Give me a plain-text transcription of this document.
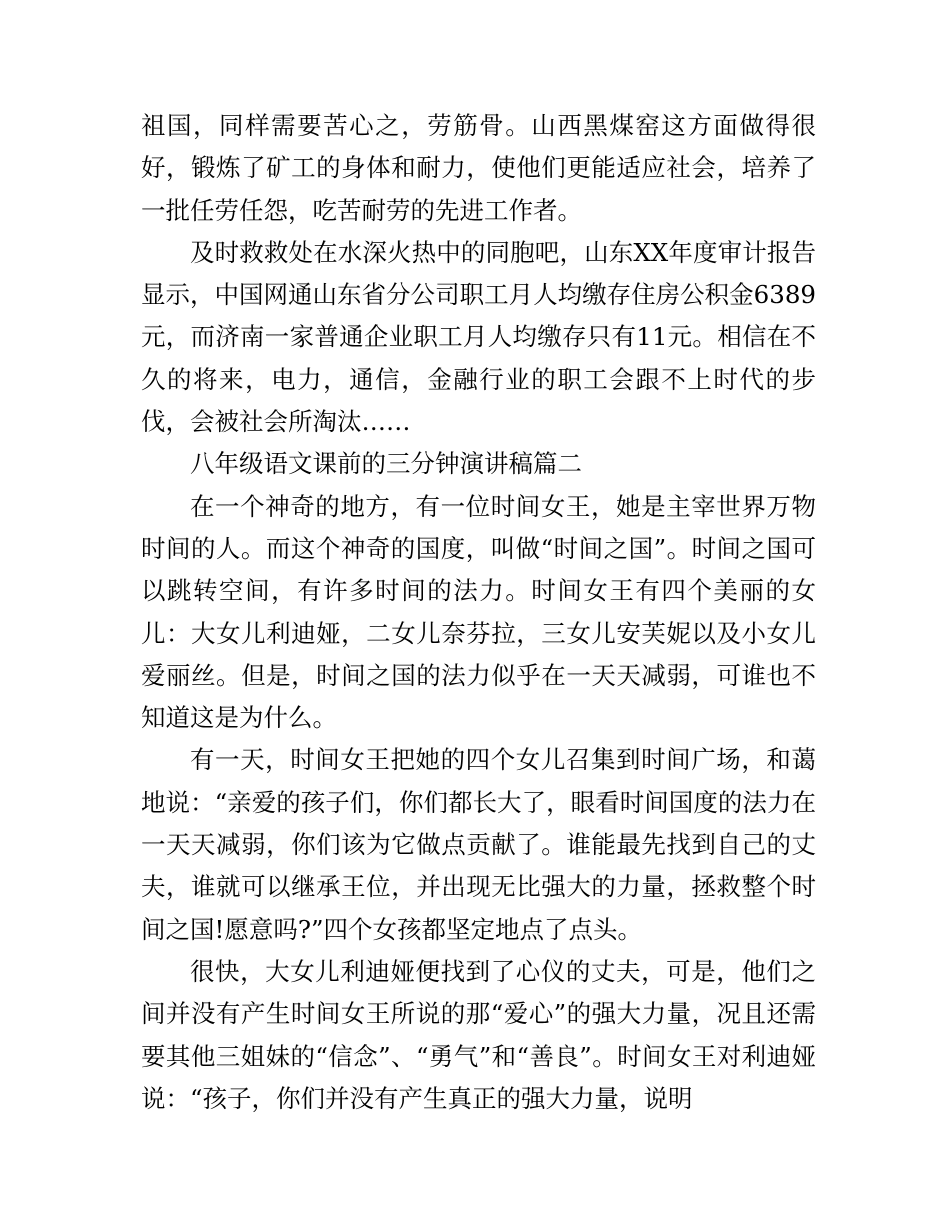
祖国，同样需要苦心之，劳筋骨。山西黑煤窑这方面做得很好，锻炼了矿工的身体和耐力，使他们更能适应社会，培养了一批任劳任怨，吃苦耐劳的先进工作者。

及时救救处在水深火热中的同胞吧，山东XX年度审计报告显示，中国网通山东省分公司职工月人均缴存住房公积金6389元，而济南一家普通企业职工月人均缴存只有11元。相信在不久的将来，电力，通信，金融行业的职工会跟不上时代的步伐，会被社会所淘汰……

八年级语文课前的三分钟演讲稿篇二

在一个神奇的地方，有一位时间女王，她是主宰世界万物时间的人。而这个神奇的国度，叫做“时间之国”。时间之国可以跳转空间，有许多时间的法力。时间女王有四个美丽的女儿：大女儿利迪娅，二女儿奈芬拉，三女儿安芙妮以及小女儿爱丽丝。但是，时间之国的法力似乎在一天天减弱，可谁也不知道这是为什么。

有一天，时间女王把她的四个女儿召集到时间广场，和蔼地说：“亲爱的孩子们，你们都长大了，眼看时间国度的法力在一天天减弱，你们该为它做点贡献了。谁能最先找到自己的丈夫，谁就可以继承王位，并出现无比强大的力量，拯救整个时间之国!愿意吗?”四个女孩都坚定地点了点头。

很快，大女儿利迪娅便找到了心仪的丈夫，可是，他们之间并没有产生时间女王所说的那“爱心”的强大力量，况且还需要其他三姐妹的“信念”、“勇气”和“善良”。时间女王对利迪娅说：“孩子，你们并没有产生真正的强大力量，说明
